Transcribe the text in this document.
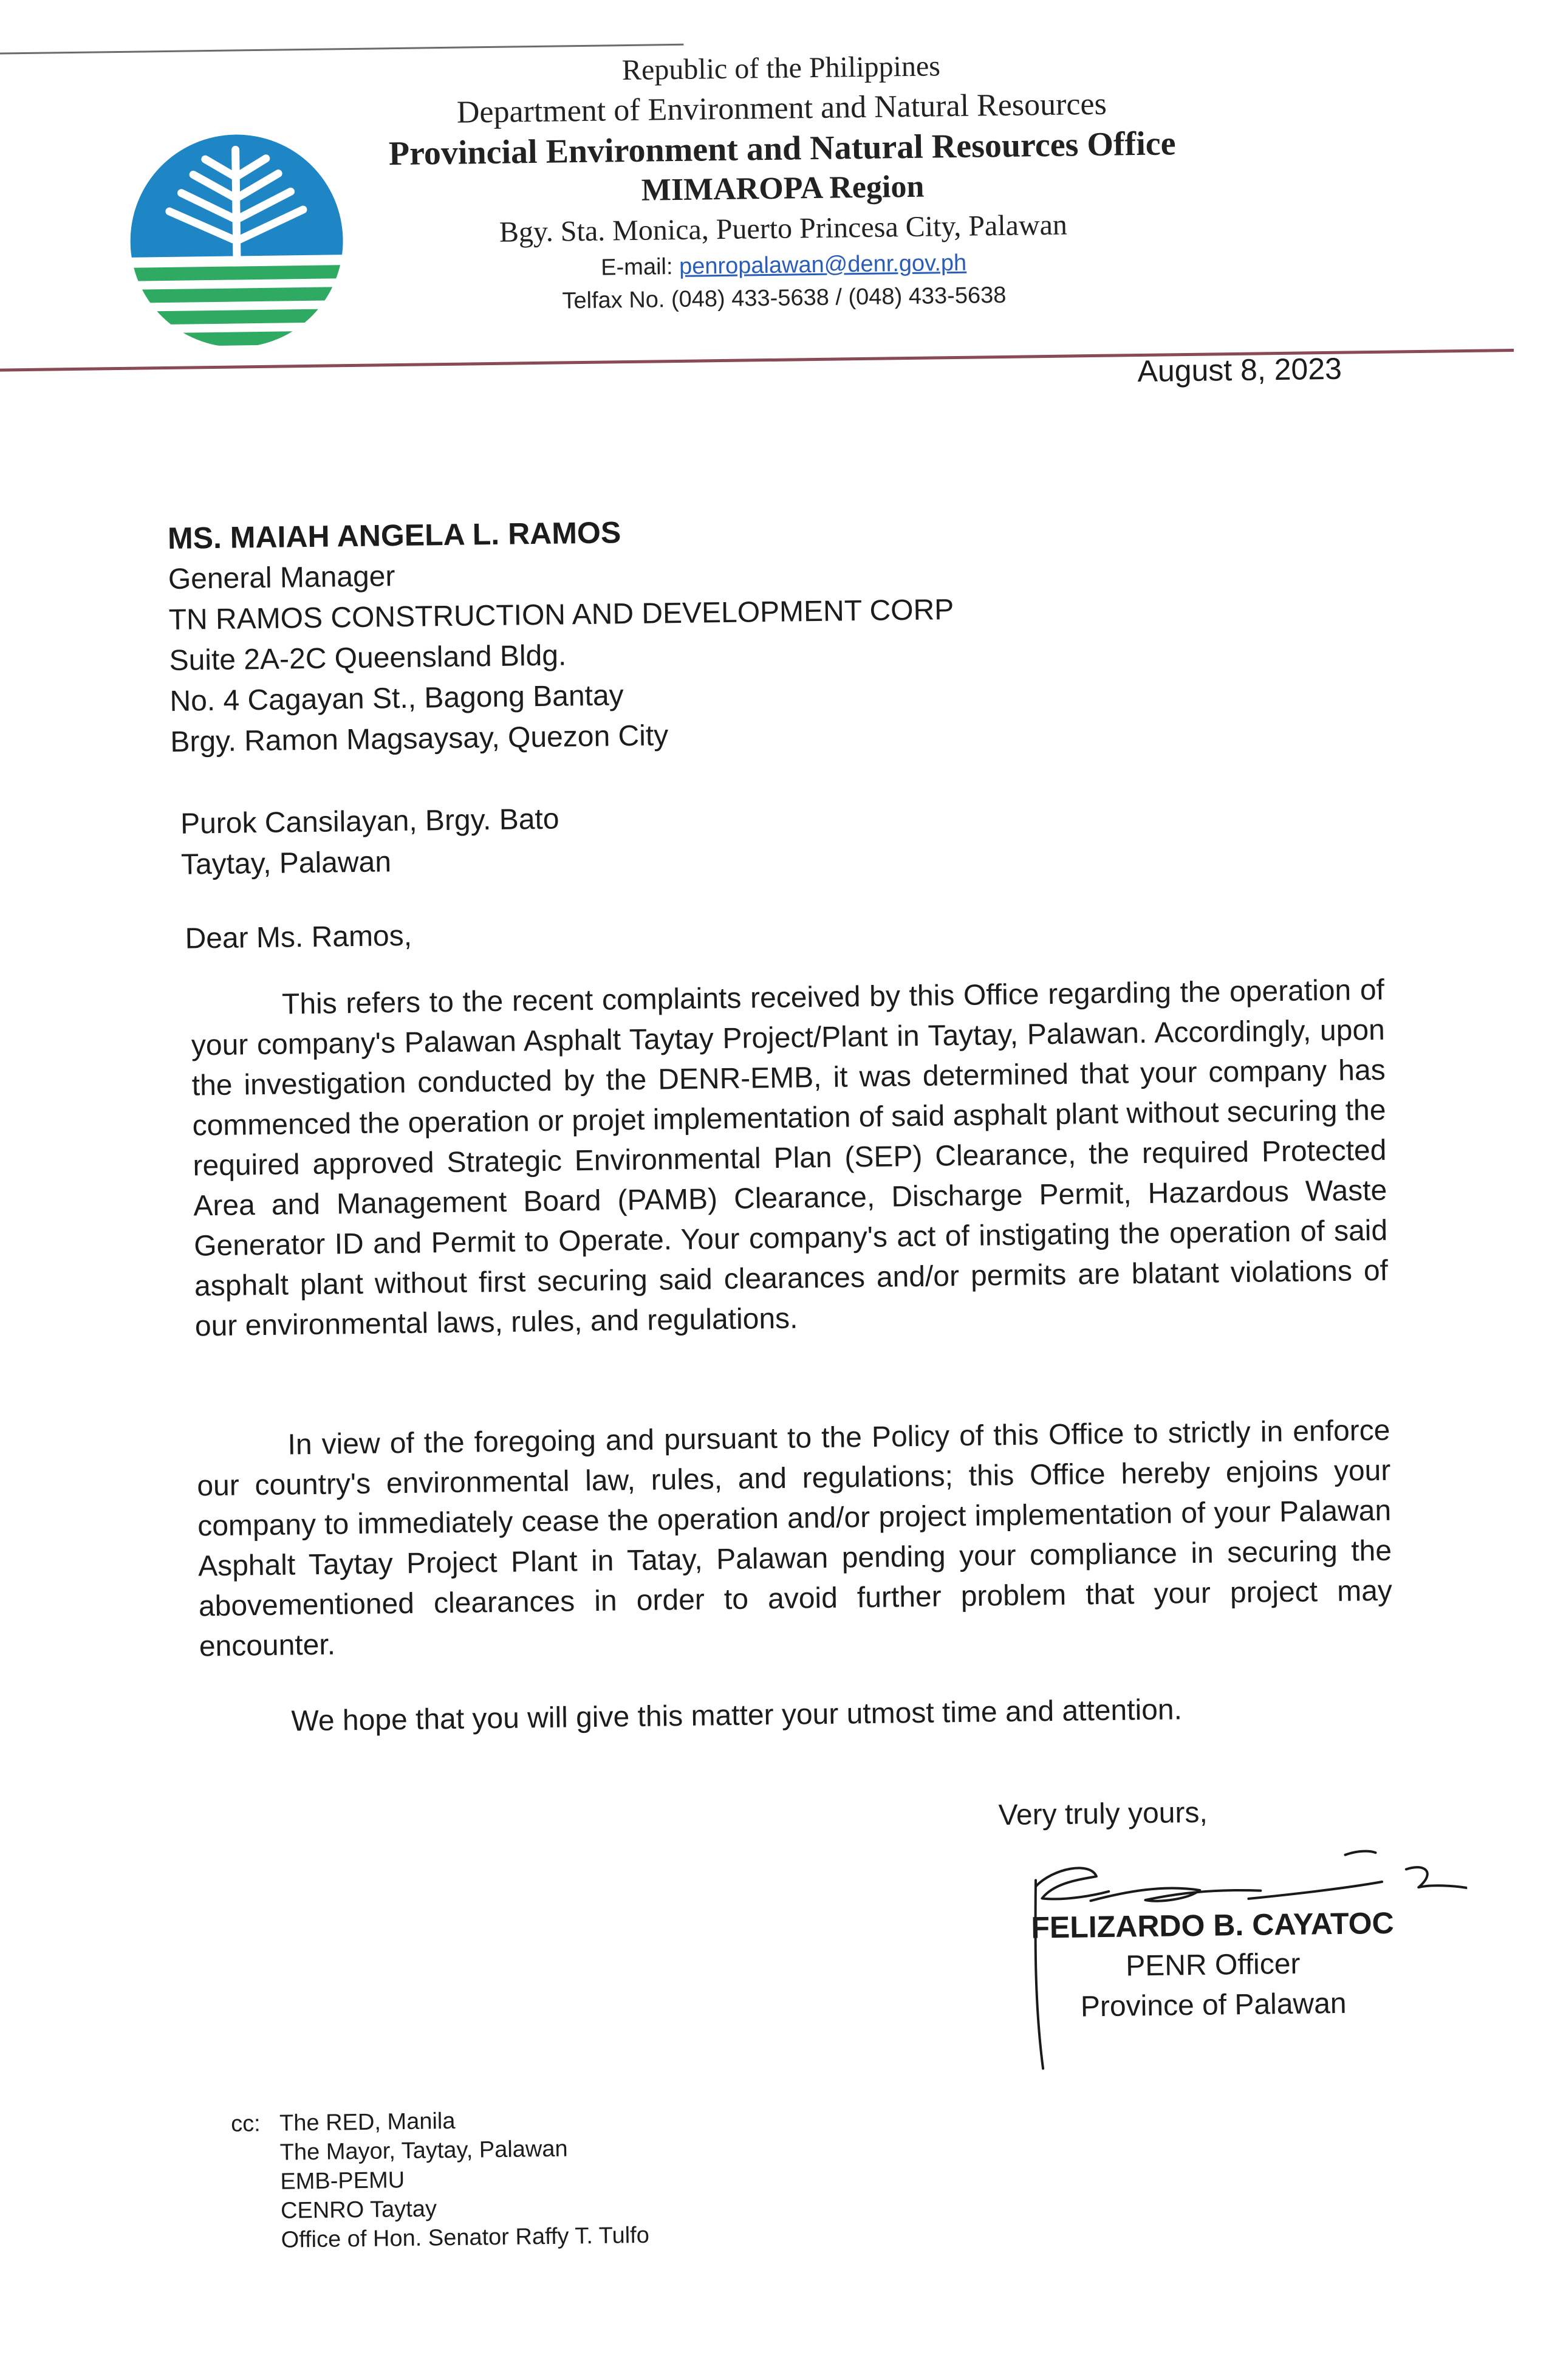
Republic of the Philippines
Department of Environment and Natural Resources
Provincial Environment and Natural Resources Office
MIMAROPA Region
Bgy. Sta. Monica, Puerto Princesa City, Palawan
E-mail: penropalawan@denr.gov.ph
Telfax No. (048) 433-5638 / (048) 433-5638
August 8, 2023
MS. MAIAH ANGELA L. RAMOS
General Manager
TN RAMOS CONSTRUCTION AND DEVELOPMENT CORP
Suite 2A-2C Queensland Bldg.
No. 4 Cagayan St., Bagong Bantay
Brgy. Ramon Magsaysay, Quezon City
Purok Cansilayan, Brgy. Bato
Taytay, Palawan
Dear Ms. Ramos,
This refers to the recent complaints received by this Office regarding the operation of your company's Palawan Asphalt Taytay Project/Plant in Taytay, Palawan. Accordingly, upon the investigation conducted by the DENR-EMB, it was determined that your company has commenced the operation or projet implementation of said asphalt plant without securing the required approved Strategic Environmental Plan (SEP) Clearance, the required Protected Area and Management Board (PAMB) Clearance, Discharge Permit, Hazardous Waste Generator ID and Permit to Operate. Your company's act of instigating the operation of said asphalt plant without first securing said clearances and/or permits are blatant violations of our environmental laws, rules, and regulations.
In view of the foregoing and pursuant to the Policy of this Office to strictly in enforce our country's environmental law, rules, and regulations; this Office hereby enjoins your company to immediately cease the operation and/or project implementation of your Palawan Asphalt Taytay Project Plant in Tatay, Palawan pending your compliance in securing the abovementioned clearances in order to avoid further problem that your project may encounter.
We hope that you will give this matter your utmost time and attention.
Very truly yours,
FELIZARDO B. CAYATOC
PENR Officer
Province of Palawan
cc: The RED, Manila
The Mayor, Taytay, Palawan
EMB-PEMU
CENRO Taytay
Office of Hon. Senator Raffy T. Tulfo
